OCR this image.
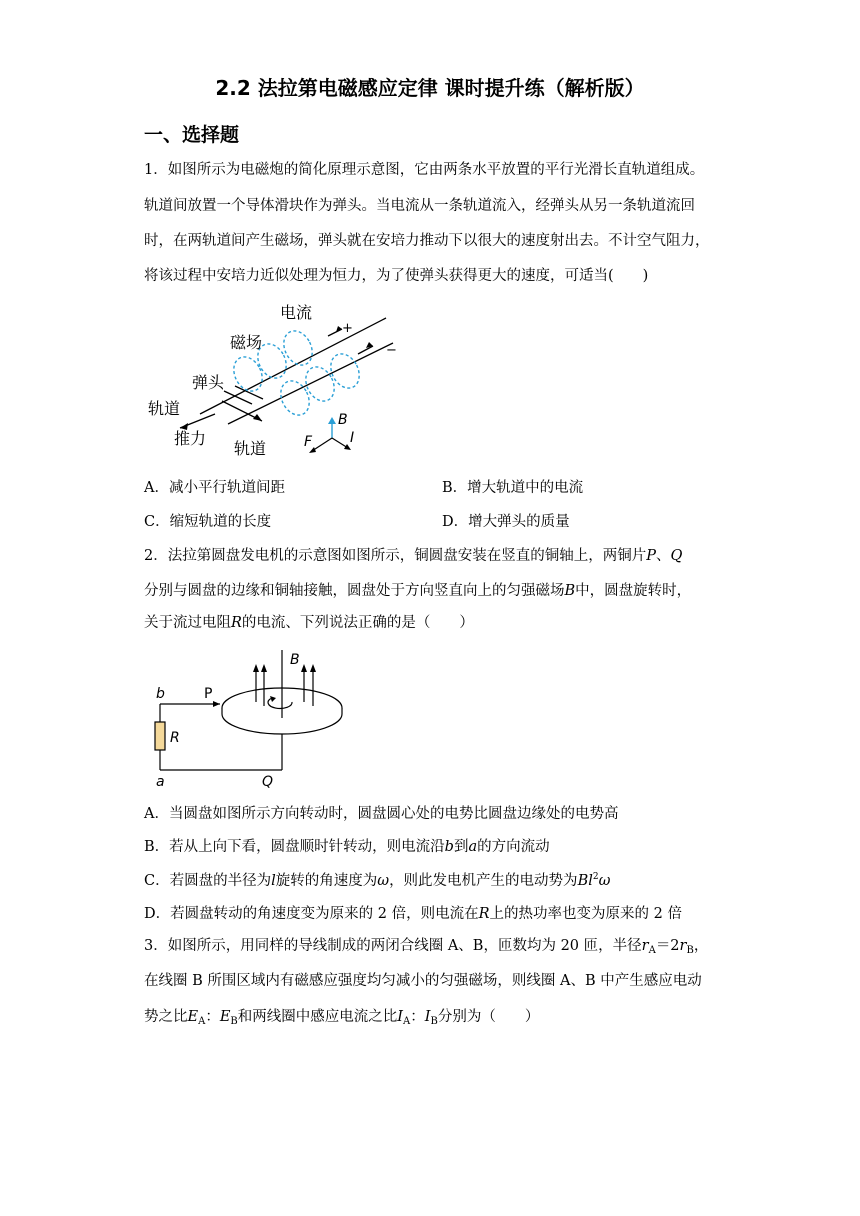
2.2 法拉第电磁感应定律 课时提升练（解析版）
一、选择题
1．如图所示为电磁炮的简化原理示意图，它由两条水平放置的平行光滑长直轨道组成。
轨道间放置一个导体滑块作为弹头。当电流从一条轨道流入，经弹头从另一条轨道流回
时，在两轨道间产生磁场，弹头就在安培力推动下以很大的速度射出去。不计空气阻力，
将该过程中安培力近似处理为恒力，为了使弹头获得更大的速度，可适当(　　)
电流
+
−
磁场
弹头
轨道
推力
轨道
B
F	I
A．减小平行轨道间距	B．增大轨道中的电流
C．缩短轨道的长度	D．增大弹头的质量
2．法拉第圆盘发电机的示意图如图所示，铜圆盘安装在竖直的铜轴上，两铜片P、Q
分别与圆盘的边缘和铜轴接触，圆盘处于方向竖直向上的匀强磁场B中，圆盘旋转时，
关于流过电阻R的电流、下列说法正确的是（　　）
b	P
R
a	Q
B
A．当圆盘如图所示方向转动时，圆盘圆心处的电势比圆盘边缘处的电势高
B．若从上向下看，圆盘顺时针转动，则电流沿b到a的方向流动
C．若圆盘的半径为l旋转的角速度为ω，则此发电机产生的电动势为Bl$^2$ω
D．若圆盘转动的角速度变为原来的 2 倍，则电流在R上的热功率也变为原来的 2 倍
3．如图所示，用同样的导线制成的两闭合线圈 A、B，匝数均为 20 匝，半径$r_A=2r_B$，
在线圈 B 所围区域内有磁感应强度均匀减小的匀强磁场，则线圈 A、B 中产生感应电动
势之比$E_A$：$E_B$和两线圈中感应电流之比$I_A$：$I_B$分别为（　　）
